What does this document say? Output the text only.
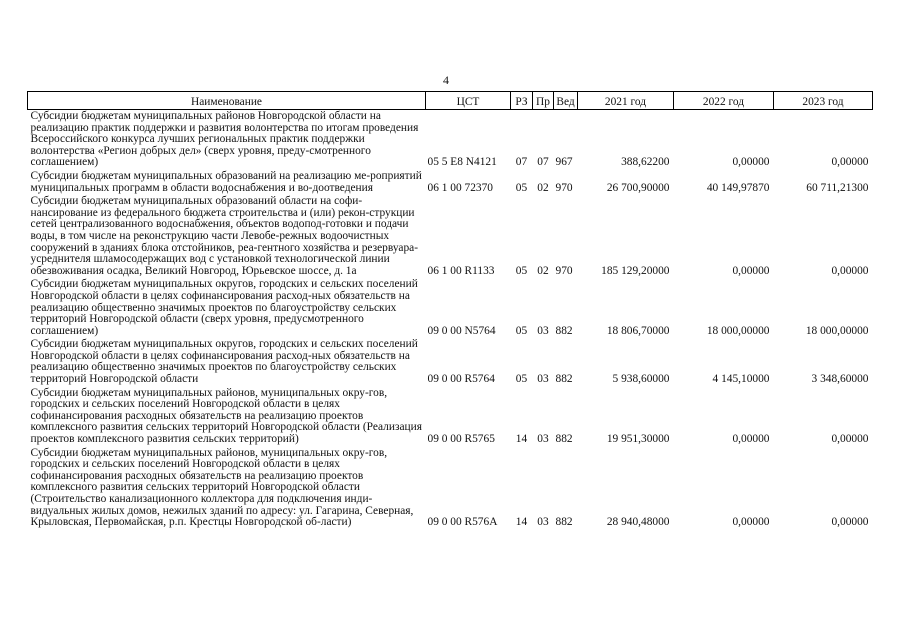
4
Наименование	ЦСТ	РЗ	Пр	Вед	2021 год	2022 год	2023 год
Субсидии бюджетам муниципальных районов Новгородской области на реализацию практик поддержки и развития волонтерства по итогам проведения Всероссийского конкурса лучших региональных практик поддержки волонтерства «Регион добрых дел» (сверх уровня, преду-смотренного соглашением)	05 5 E8 N4121	07	07	967	388,62200	0,00000	0,00000
Субсидии бюджетам муниципальных образований на реализацию ме-роприятий муниципальных программ в области водоснабжения и во-доотведения	06 1 00 72370	05	02	970	26 700,90000	40 149,97870	60 711,21300
Субсидии бюджетам муниципальных образований области на софи-нансирование из федерального бюджета строительства и (или) рекон-струкции сетей централизованного водоснабжения, объектов водопод-готовки и подачи воды, в том числе на реконструкцию части Левобе-режных водоочистных сооружений в зданиях блока отстойников, реа-гентного хозяйства и резервуара-усреднителя шламосодержащих вод с установкой технологической линии обезвоживания осадка, Великий Новгород, Юрьевское шоссе, д. 1а	06 1 00 R1133	05	02	970	185 129,20000	0,00000	0,00000
Субсидии бюджетам муниципальных округов, городских и сельских поселений Новгородской области в целях софинансирования расход-ных обязательств на реализацию общественно значимых проектов по благоустройству сельских территорий Новгородской области (сверх уровня, предусмотренного соглашением)	09 0 00 N5764	05	03	882	18 806,70000	18 000,00000	18 000,00000
Субсидии бюджетам муниципальных округов, городских и сельских поселений Новгородской области в целях софинансирования расход-ных обязательств на реализацию общественно значимых проектов по благоустройству сельских территорий Новгородской области	09 0 00 R5764	05	03	882	5 938,60000	4 145,10000	3 348,60000
Субсидии бюджетам муниципальных районов, муниципальных окру-гов, городских и сельских поселений Новгородской области в целях софинансирования расходных обязательств на реализацию проектов комплексного развития сельских территорий Новгородской области (Реализация проектов комплексного развития сельских территорий)	09 0 00 R5765	14	03	882	19 951,30000	0,00000	0,00000
Субсидии бюджетам муниципальных районов, муниципальных окру-гов, городских и сельских поселений Новгородской области в целях софинансирования расходных обязательств на реализацию проектов комплексного развития сельских территорий Новгородской области (Строительство канализационного коллектора для подключения инди-видуальных жилых домов, нежилых зданий по адресу: ул. Гагарина, Северная, Крыловская, Первомайская, р.п. Крестцы Новгородской об-ласти)	09 0 00 R576A	14	03	882	28 940,48000	0,00000	0,00000
